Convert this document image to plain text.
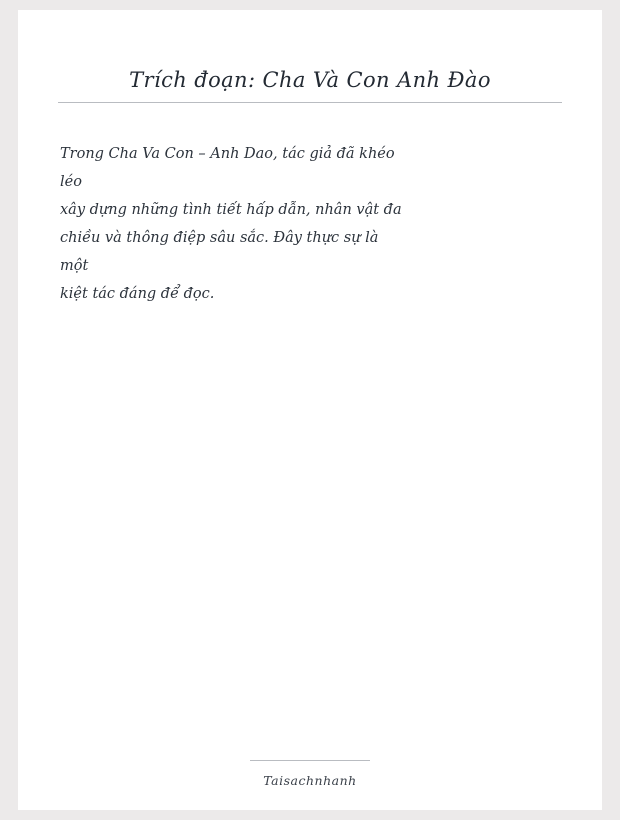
Trích đoạn: Cha Và Con Anh Đào
Trong Cha Va Con – Anh Dao, tác giả đã khéo
léo
xây dựng những tình tiết hấp dẫn, nhân vật đa
chiều và thông điệp sâu sắc. Đây thực sự là
một
kiệt tác đáng để đọc.
Taisachnhanh
